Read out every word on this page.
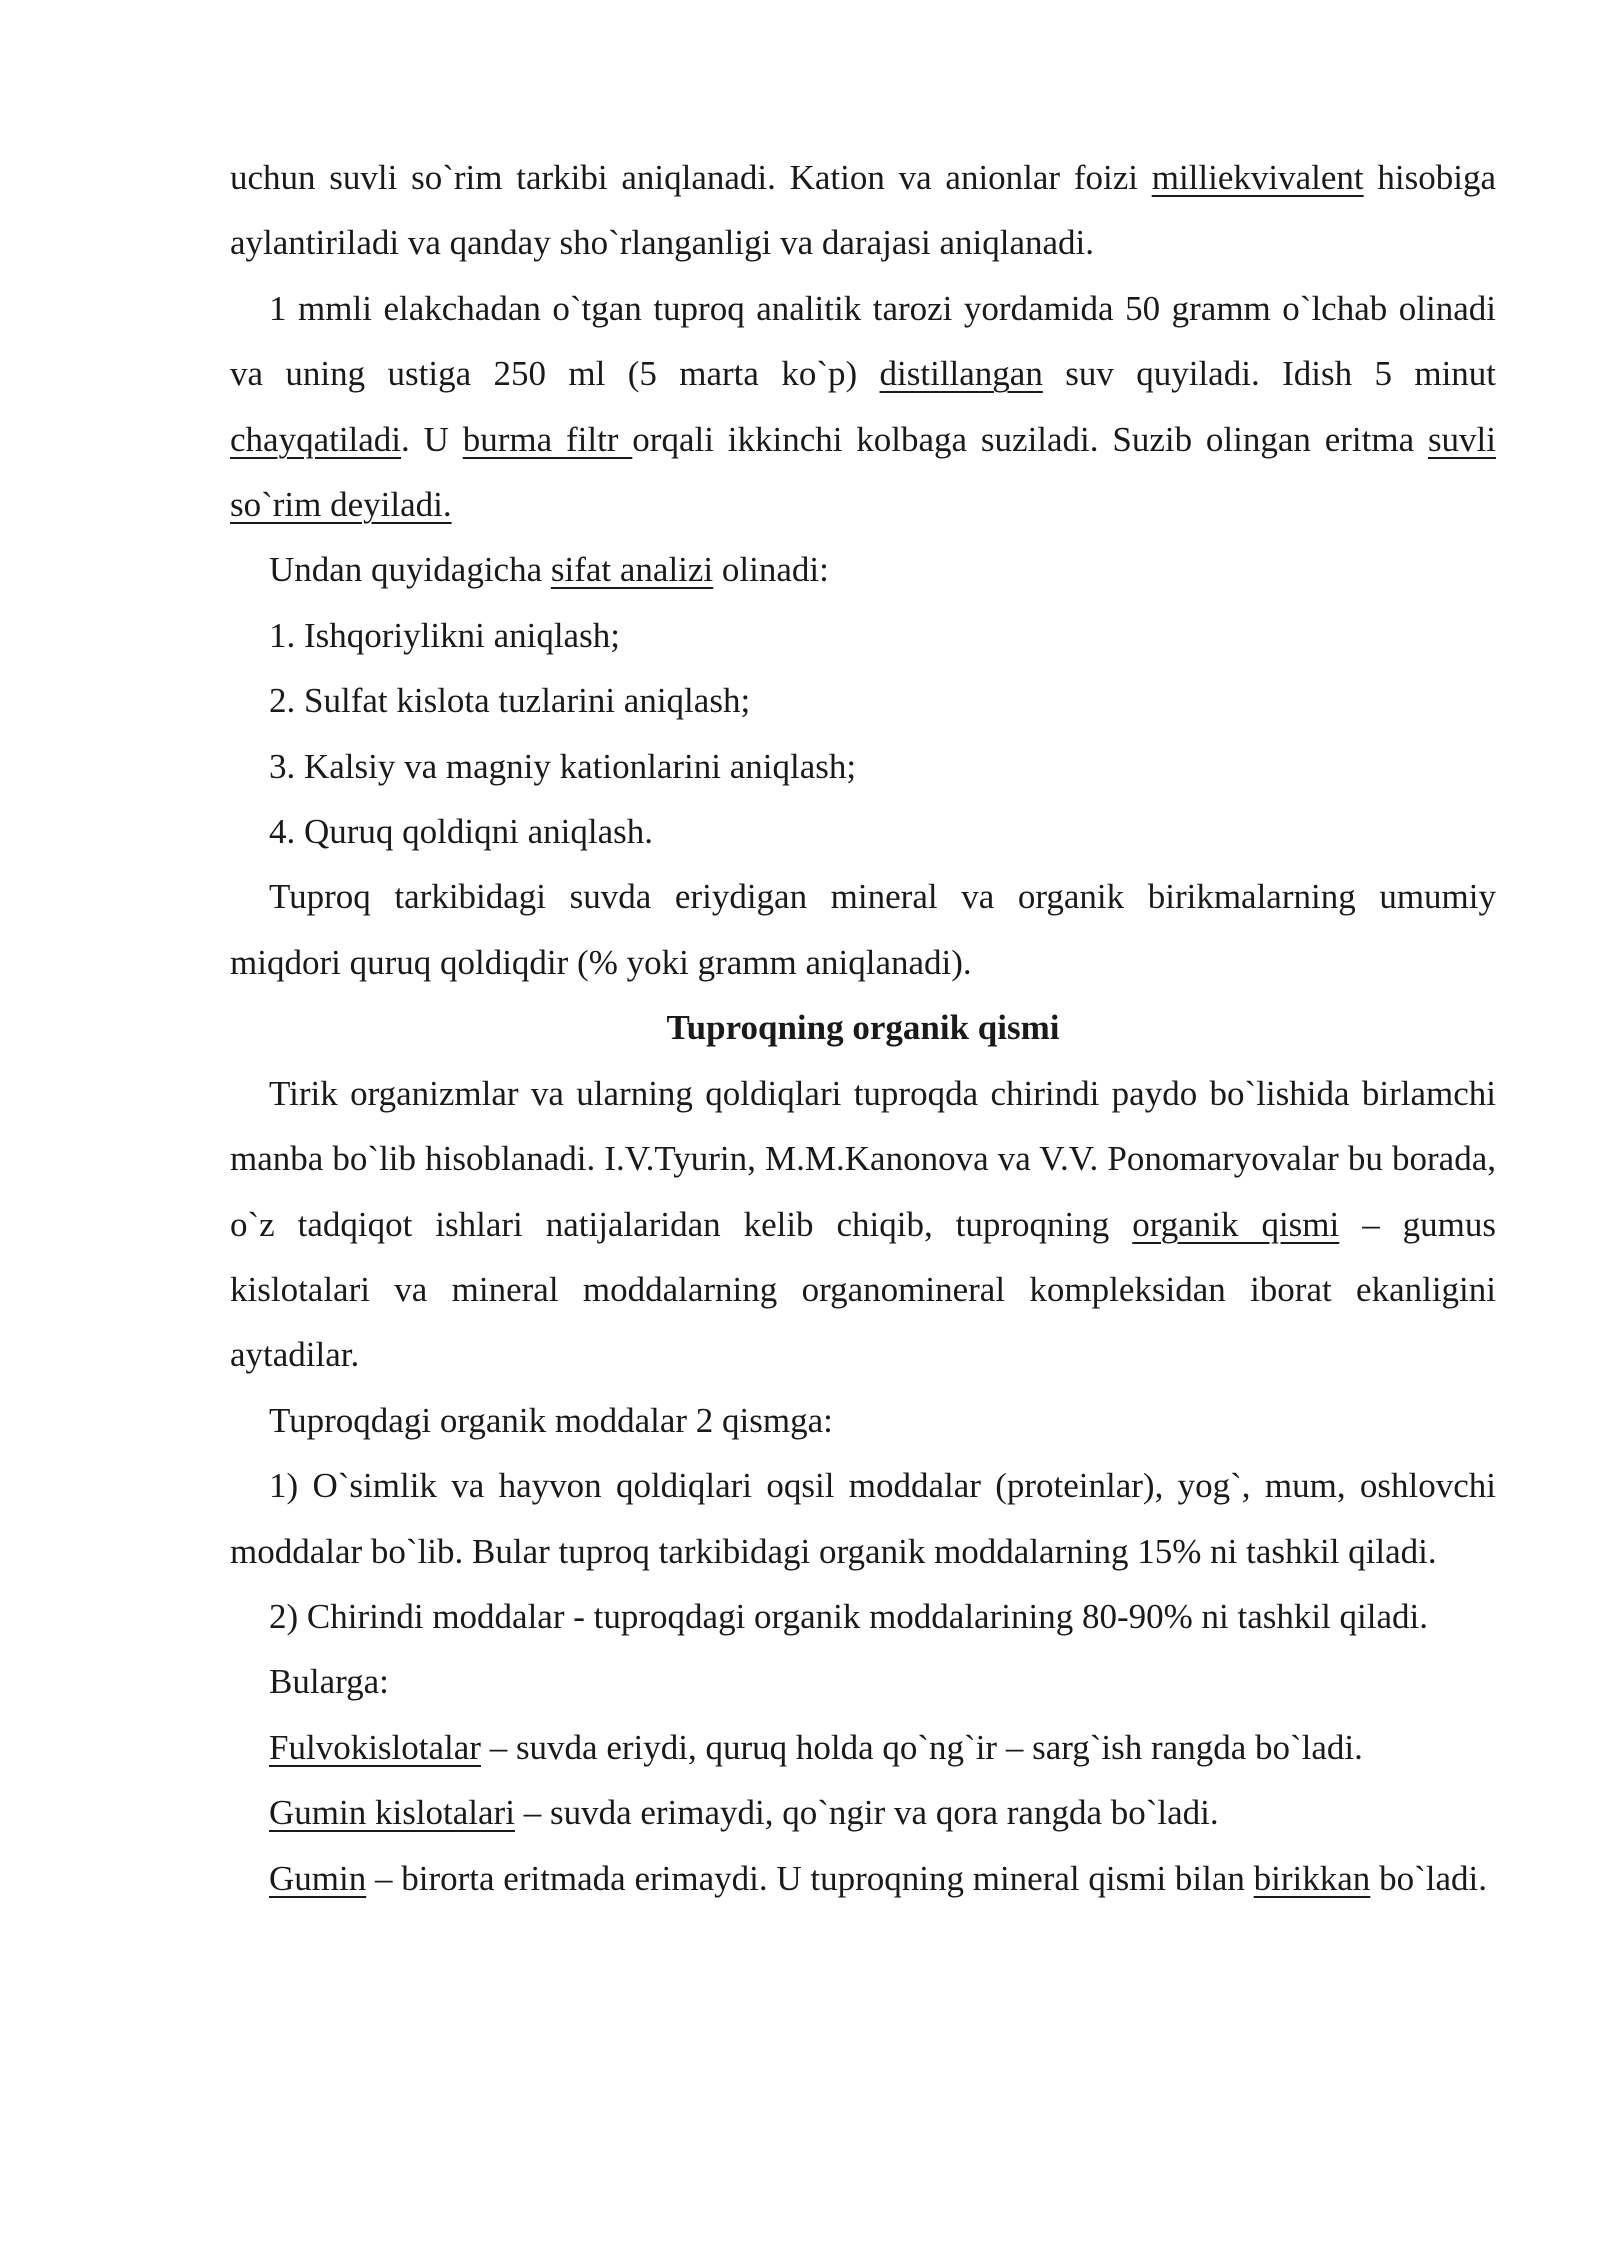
uchun suvli so`rim tarkibi aniqlanadi. Kation va anionlar foizi milliekvivalent hisobiga aylantiriladi va qanday sho`rlanganligi va darajasi aniqlanadi.

1 mmli elakchadan o`tgan tuproq analitik tarozi yordamida 50 gramm o`lchab olinadi va uning ustiga 250 ml (5 marta ko`p) distillangan suv quyiladi. Idish 5 minut chayqatiladi. U burma filtr orqali ikkinchi kolbaga suziladi. Suzib olingan eritma suvli so`rim deyiladi.

Undan quyidagicha sifat analizi olinadi:

1. Ishqoriylikni aniqlash;

2. Sulfat kislota tuzlarini aniqlash;

3. Kalsiy va magniy kationlarini aniqlash;

4. Quruq qoldiqni aniqlash.

Tuproq tarkibidagi suvda eriydigan mineral va organik birikmalarning umumiy miqdori quruq qoldiqdir (% yoki gramm aniqlanadi).

Tuproqning organik qismi

Tirik organizmlar va ularning qoldiqlari tuproqda chirindi paydo bo`lishida birlamchi manba bo`lib hisoblanadi. I.V.Tyurin, M.M.Kanonova va V.V. Ponomaryovalar bu borada, o`z tadqiqot ishlari natijalaridan kelib chiqib, tuproqning organik qismi – gumus kislotalari va mineral moddalarning organomineral kompleksidan iborat ekanligini aytadilar.

Tuproqdagi organik moddalar 2 qismga:

1) O`simlik va hayvon qoldiqlari oqsil moddalar (proteinlar), yog`, mum, oshlovchi moddalar bo`lib. Bular tuproq tarkibidagi organik moddalarning 15% ni tashkil qiladi.

2) Chirindi moddalar - tuproqdagi organik moddalarining 80-90% ni tashkil qiladi.

Bularga:

Fulvokislotalar – suvda eriydi, quruq holda qo`ng`ir – sarg`ish rangda bo`ladi.

Gumin kislotalari – suvda erimaydi, qo`ngir va qora rangda bo`ladi.

Gumin – birorta eritmada erimaydi. U tuproqning mineral qismi bilan birikkan bo`ladi.
